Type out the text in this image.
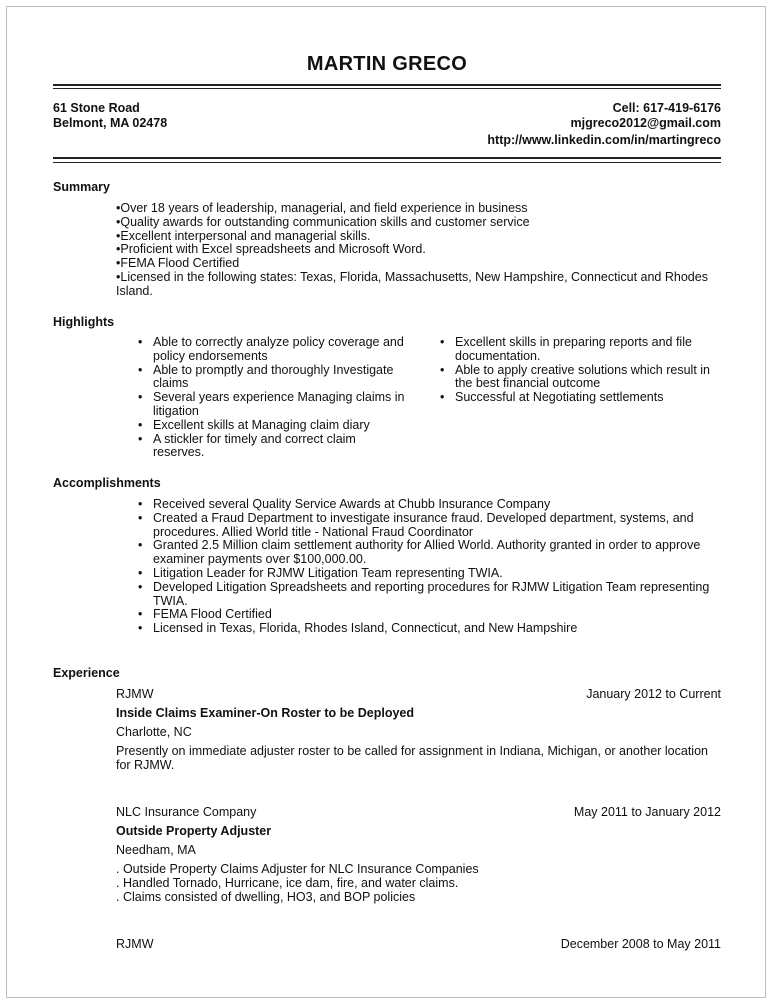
MARTIN GRECO
61 Stone Road
Belmont, MA 02478
Cell: 617-419-6176
mjgreco2012@gmail.com
http://www.linkedin.com/in/martingreco
Summary
•Over 18 years of leadership, managerial, and field experience in business
•Quality awards for outstanding communication skills and customer service
•Excellent interpersonal and managerial skills.
•Proficient with Excel spreadsheets and Microsoft Word.
•FEMA Flood Certified
•Licensed in the following states: Texas, Florida, Massachusetts, New Hampshire, Connecticut and Rhodes Island.
Highlights
• Able to correctly analyze policy coverage and policy endorsements
• Able to promptly and thoroughly Investigate claims
• Several years experience Managing claims in litigation
• Excellent skills at Managing claim diary
• A stickler for timely and correct claim reserves.
• Excellent skills in preparing reports and file documentation.
• Able to apply creative solutions which result in the best financial outcome
• Successful at Negotiating settlements
Accomplishments
• Received several Quality Service Awards at Chubb Insurance Company
• Created a Fraud Department to investigate insurance fraud. Developed department, systems, and procedures. Allied World title - National Fraud Coordinator
• Granted 2.5 Million claim settlement authority for Allied World. Authority granted in order to approve examiner payments over $100,000.00.
• Litigation Leader for RJMW Litigation Team representing TWIA.
• Developed Litigation Spreadsheets and reporting procedures for RJMW Litigation Team representing TWIA.
• FEMA Flood Certified
• Licensed in Texas, Florida, Rhodes Island, Connecticut, and New Hampshire
Experience
RJMW	January 2012 to Current
Inside Claims Examiner-On Roster to be Deployed
Charlotte, NC
Presently on immediate adjuster roster to be called for assignment in Indiana, Michigan, or another location for RJMW.
NLC Insurance Company	May 2011 to January 2012
Outside Property Adjuster
Needham, MA
. Outside Property Claims Adjuster for NLC Insurance Companies
. Handled Tornado, Hurricane, ice dam, fire, and water claims.
. Claims consisted of dwelling, HO3, and BOP policies
RJMW	December 2008 to May 2011
